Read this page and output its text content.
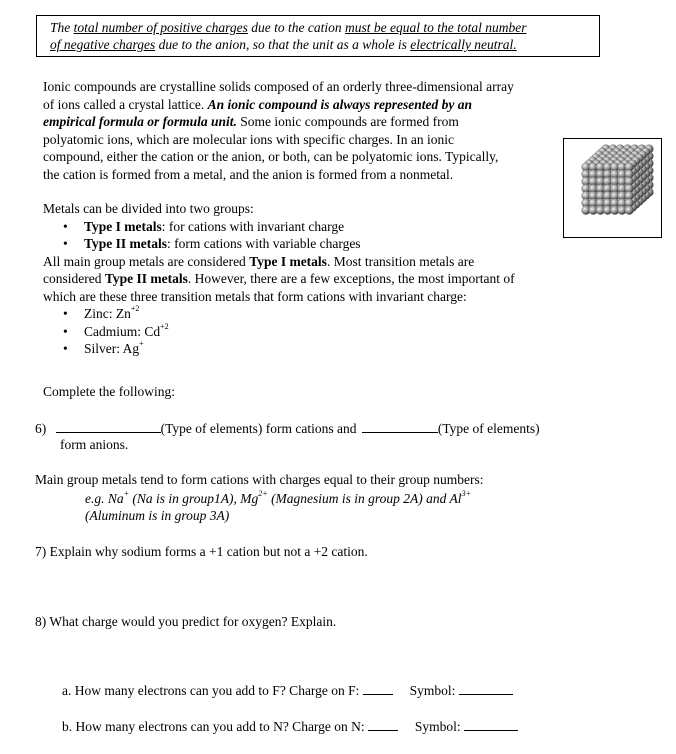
The total number of positive charges due to the cation must be equal to the total number
of negative charges due to the anion, so that the unit as a whole is electrically neutral.
Ionic compounds are crystalline solids composed of an orderly three-dimensional array
of ions called a crystal lattice. An ionic compound is always represented by an
empirical formula or formula unit. Some ionic compounds are formed from
polyatomic ions, which are molecular ions with specific charges. In an ionic
compound, either the cation or the anion, or both, can be polyatomic ions. Typically,
the cation is formed from a metal, and the anion is formed from a nonmetal.
Metals can be divided into two groups:
• Type I metals: for cations with invariant charge
• Type II metals: form cations with variable charges
All main group metals are considered Type I metals. Most transition metals are
considered Type II metals. However, there are a few exceptions, the most important of
which are these three transition metals that form cations with invariant charge:
• Zinc: $Zn^{+2}$
• Cadmium: $Cd^{+2}$
• Silver: Ag+
Complete the following:
6)	(Type of elements) form cations and	(Type of elements)
form anions.
Main group metals tend to form cations with charges equal to their group numbers:
e.g. Na+ (Na is in group1A), $Mg^{2+}$ (Magnesium is in group 2A) and $Al^{3+}$
(Aluminum is in group 3A)
7) Explain why sodium forms a +1 cation but not a +2 cation.
8) What charge would you predict for oxygen? Explain.
a. How many electrons can you add to F? Charge on F:	Symbol:
b. How many electrons can you add to N? Charge on N:	Symbol:
